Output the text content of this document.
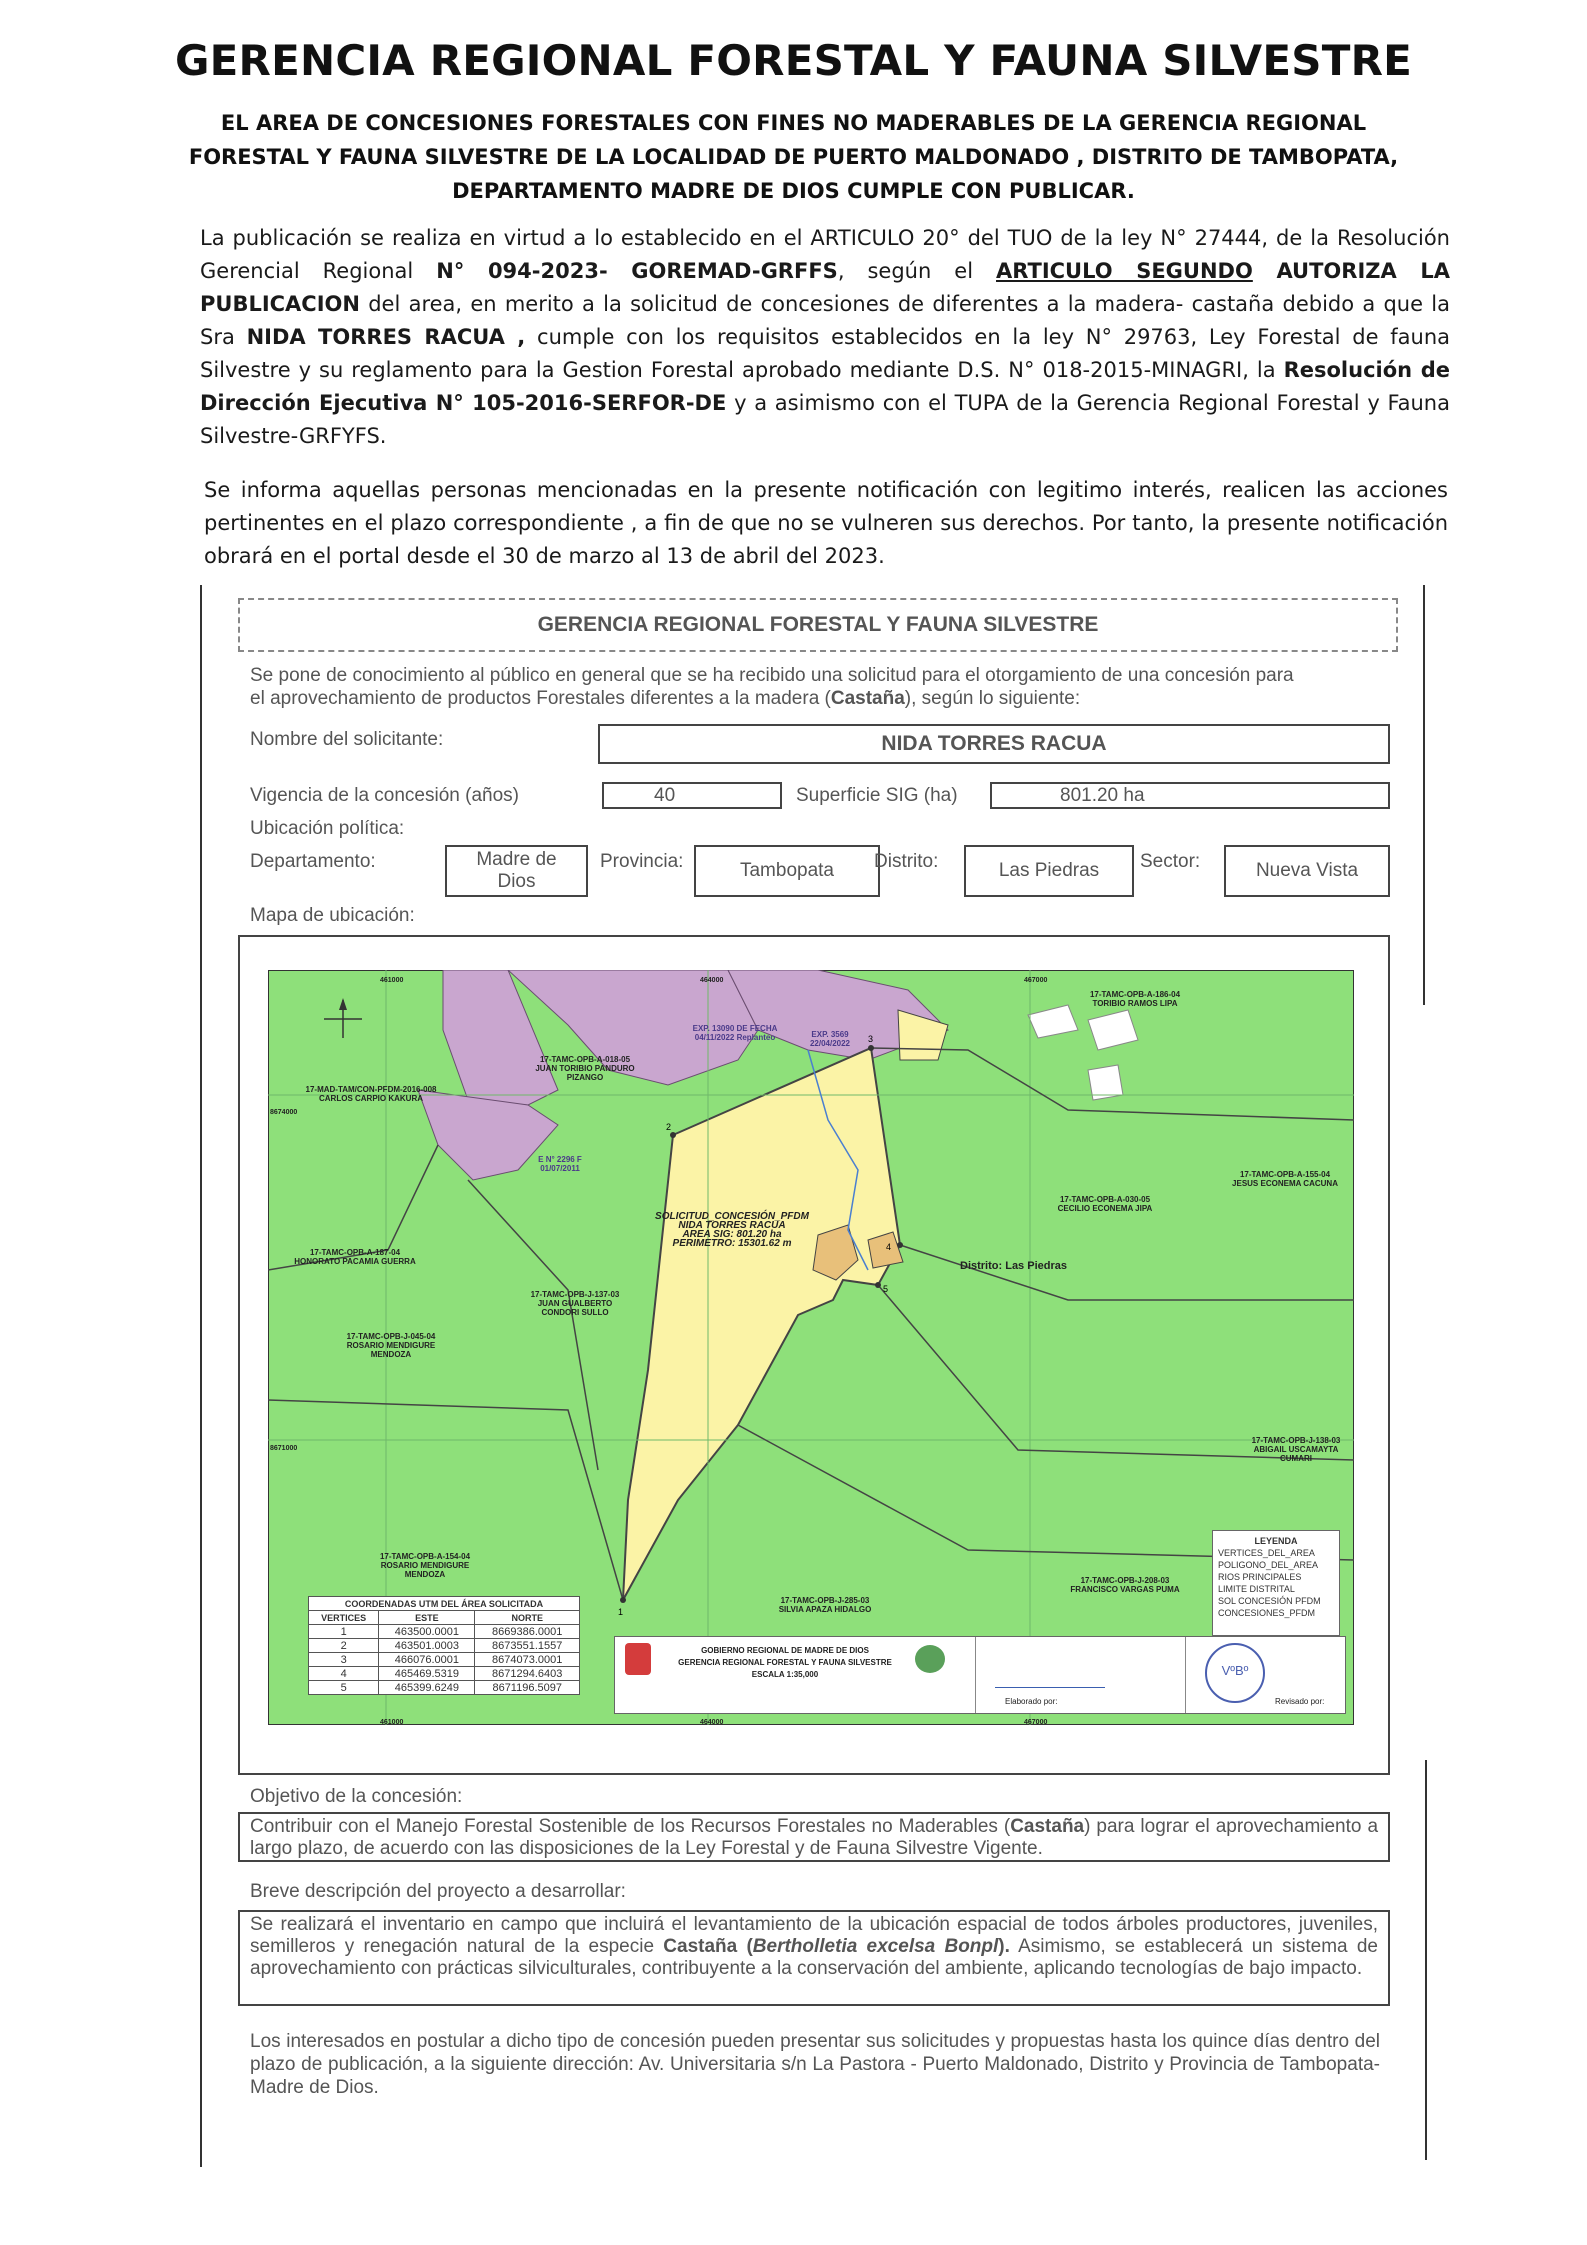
GERENCIA REGIONAL FORESTAL Y FAUNA SILVESTRE
EL AREA DE CONCESIONES FORESTALES CON FINES NO MADERABLES DE LA GERENCIA REGIONAL
FORESTAL Y FAUNA SILVESTRE DE LA LOCALIDAD DE PUERTO MALDONADO , DISTRITO DE TAMBOPATA,
DEPARTAMENTO MADRE DE DIOS CUMPLE CON PUBLICAR.
La publicación se realiza en virtud a lo establecido en el ARTICULO 20° del TUO de la ley N° 27444, de la Resolución Gerencial Regional N° 094-2023- GOREMAD-GRFFS, según el ARTICULO SEGUNDO AUTORIZA LA PUBLICACION del area, en merito a la solicitud de concesiones de diferentes a la madera- castaña debido a que la Sra NIDA TORRES RACUA , cumple con los requisitos establecidos en la ley N° 29763, Ley Forestal de fauna Silvestre y su reglamento para la Gestion Forestal aprobado mediante D.S. N° 018-2015-MINAGRI, la Resolución de Dirección Ejecutiva N° 105-2016-SERFOR-DE y a asimismo con el TUPA de la Gerencia Regional Forestal y Fauna Silvestre-GRFYFS.
Se informa aquellas personas mencionadas en la presente notificación con legitimo interés, realicen las acciones pertinentes en el plazo correspondiente , a fin de que no se vulneren sus derechos. Por tanto, la presente notificación obrará en el portal desde el 30 de marzo al 13 de abril del 2023.
GERENCIA REGIONAL FORESTAL Y FAUNA SILVESTRE
Se pone de conocimiento al público en general que se ha recibido una solicitud para el otorgamiento de una concesión para
el aprovechamiento de productos Forestales diferentes a la madera (Castaña), según lo siguiente:
Nombre del solicitante:	NIDA TORRES RACUA
Vigencia de la concesión (años)	40	Superficie SIG (ha)	801.20 ha
Ubicación política:
Departamento:	Madre de
Dios
Provincia:	Tambopata	Distrito:	Las Piedras	Sector:	Nueva Vista
Mapa de ubicación:
1
2
3
4
5
SOLICITUD_CONCESIÓN_PFDM
NIDA TORRES RACUA
AREA SIG: 801.20 ha
PERIMETRO: 15301.62 m
Distrito: Las Piedras
EXP. 13090 DE FECHA 04/11/2022 Replanteo	EXP. 3569 22/04/2022
E N° 2296 F 01/07/2011
17-TAMC-OPB-A-186-04 TORIBIO RAMOS LIPA
17-TAMC-OPB-A-018-05 JUAN TORIBIO PANDURO PIZANGO
17-MAD-TAM/CON-PFDM-2016-008 CARLOS CARPIO KAKURA
17-TAMC-OPB-A-155-04 JESUS ECONEMA CACUNA
17-TAMC-OPB-A-030-05 CECILIO ECONEMA JIPA
17-TAMC-OPB-A-187-04 HONORATO PACAMIA GUERRA
17-TAMC-OPB-J-137-03 JUAN GUALBERTO CONDORI SULLO
17-TAMC-OPB-J-045-04 ROSARIO MENDIGURE MENDOZA
17-TAMC-OPB-J-138-03 ABIGAIL USCAMAYTA CUMARI
17-TAMC-OPB-A-154-04 ROSARIO MENDIGURE MENDOZA
17-TAMC-OPB-J-285-03 SILVIA APAZA HIDALGO
17-TAMC-OPB-J-208-03 FRANCISCO VARGAS PUMA
461000	464000	467000
461000	464000	467000
8674000
8671000
COORDENADAS UTM DEL ÁREA SOLICITADA		
VERTICES	ESTE	NORTE
1	463500.0001	8669386.0001
2	463501.0003	8673551.1557
3	466076.0001	8674073.0001
4	465469.5319	8671294.6403
5	465399.6249	8671196.5097
LEYENDA
VERTICES_DEL_AREA
POLIGONO_DEL_AREA
RIOS PRINCIPALES
LIMITE DISTRITAL
SOL CONCESIÓN PFDM
CONCESIONES_PFDM
GOBIERNO REGIONAL DE MADRE DE DIOS
GERENCIA REGIONAL FORESTAL Y FAUNA SILVESTRE
ESCALA 1:35,000
Elaborado por:
VºBº
Revisado por:
Objetivo de la concesión:
Contribuir con el Manejo Forestal Sostenible de los Recursos Forestales no Maderables (Castaña) para lograr el aprovechamiento a largo plazo, de acuerdo con las disposiciones de la Ley Forestal y de Fauna Silvestre Vigente.
Breve descripción del proyecto a desarrollar:
Se realizará el inventario en campo que incluirá el levantamiento de la ubicación espacial de todos árboles productores, juveniles, semilleros y renegación natural de la especie Castaña (Bertholletia excelsa Bonpl). Asimismo, se establecerá un sistema de aprovechamiento con prácticas silviculturales, contribuyente a la conservación del ambiente, aplicando tecnologías de bajo impacto.
Los interesados en postular a dicho tipo de concesión pueden presentar sus solicitudes y propuestas hasta los quince días dentro del plazo de publicación, a la siguiente dirección: Av. Universitaria s/n La Pastora - Puerto Maldonado, Distrito y Provincia de Tambopata-Madre de Dios.
